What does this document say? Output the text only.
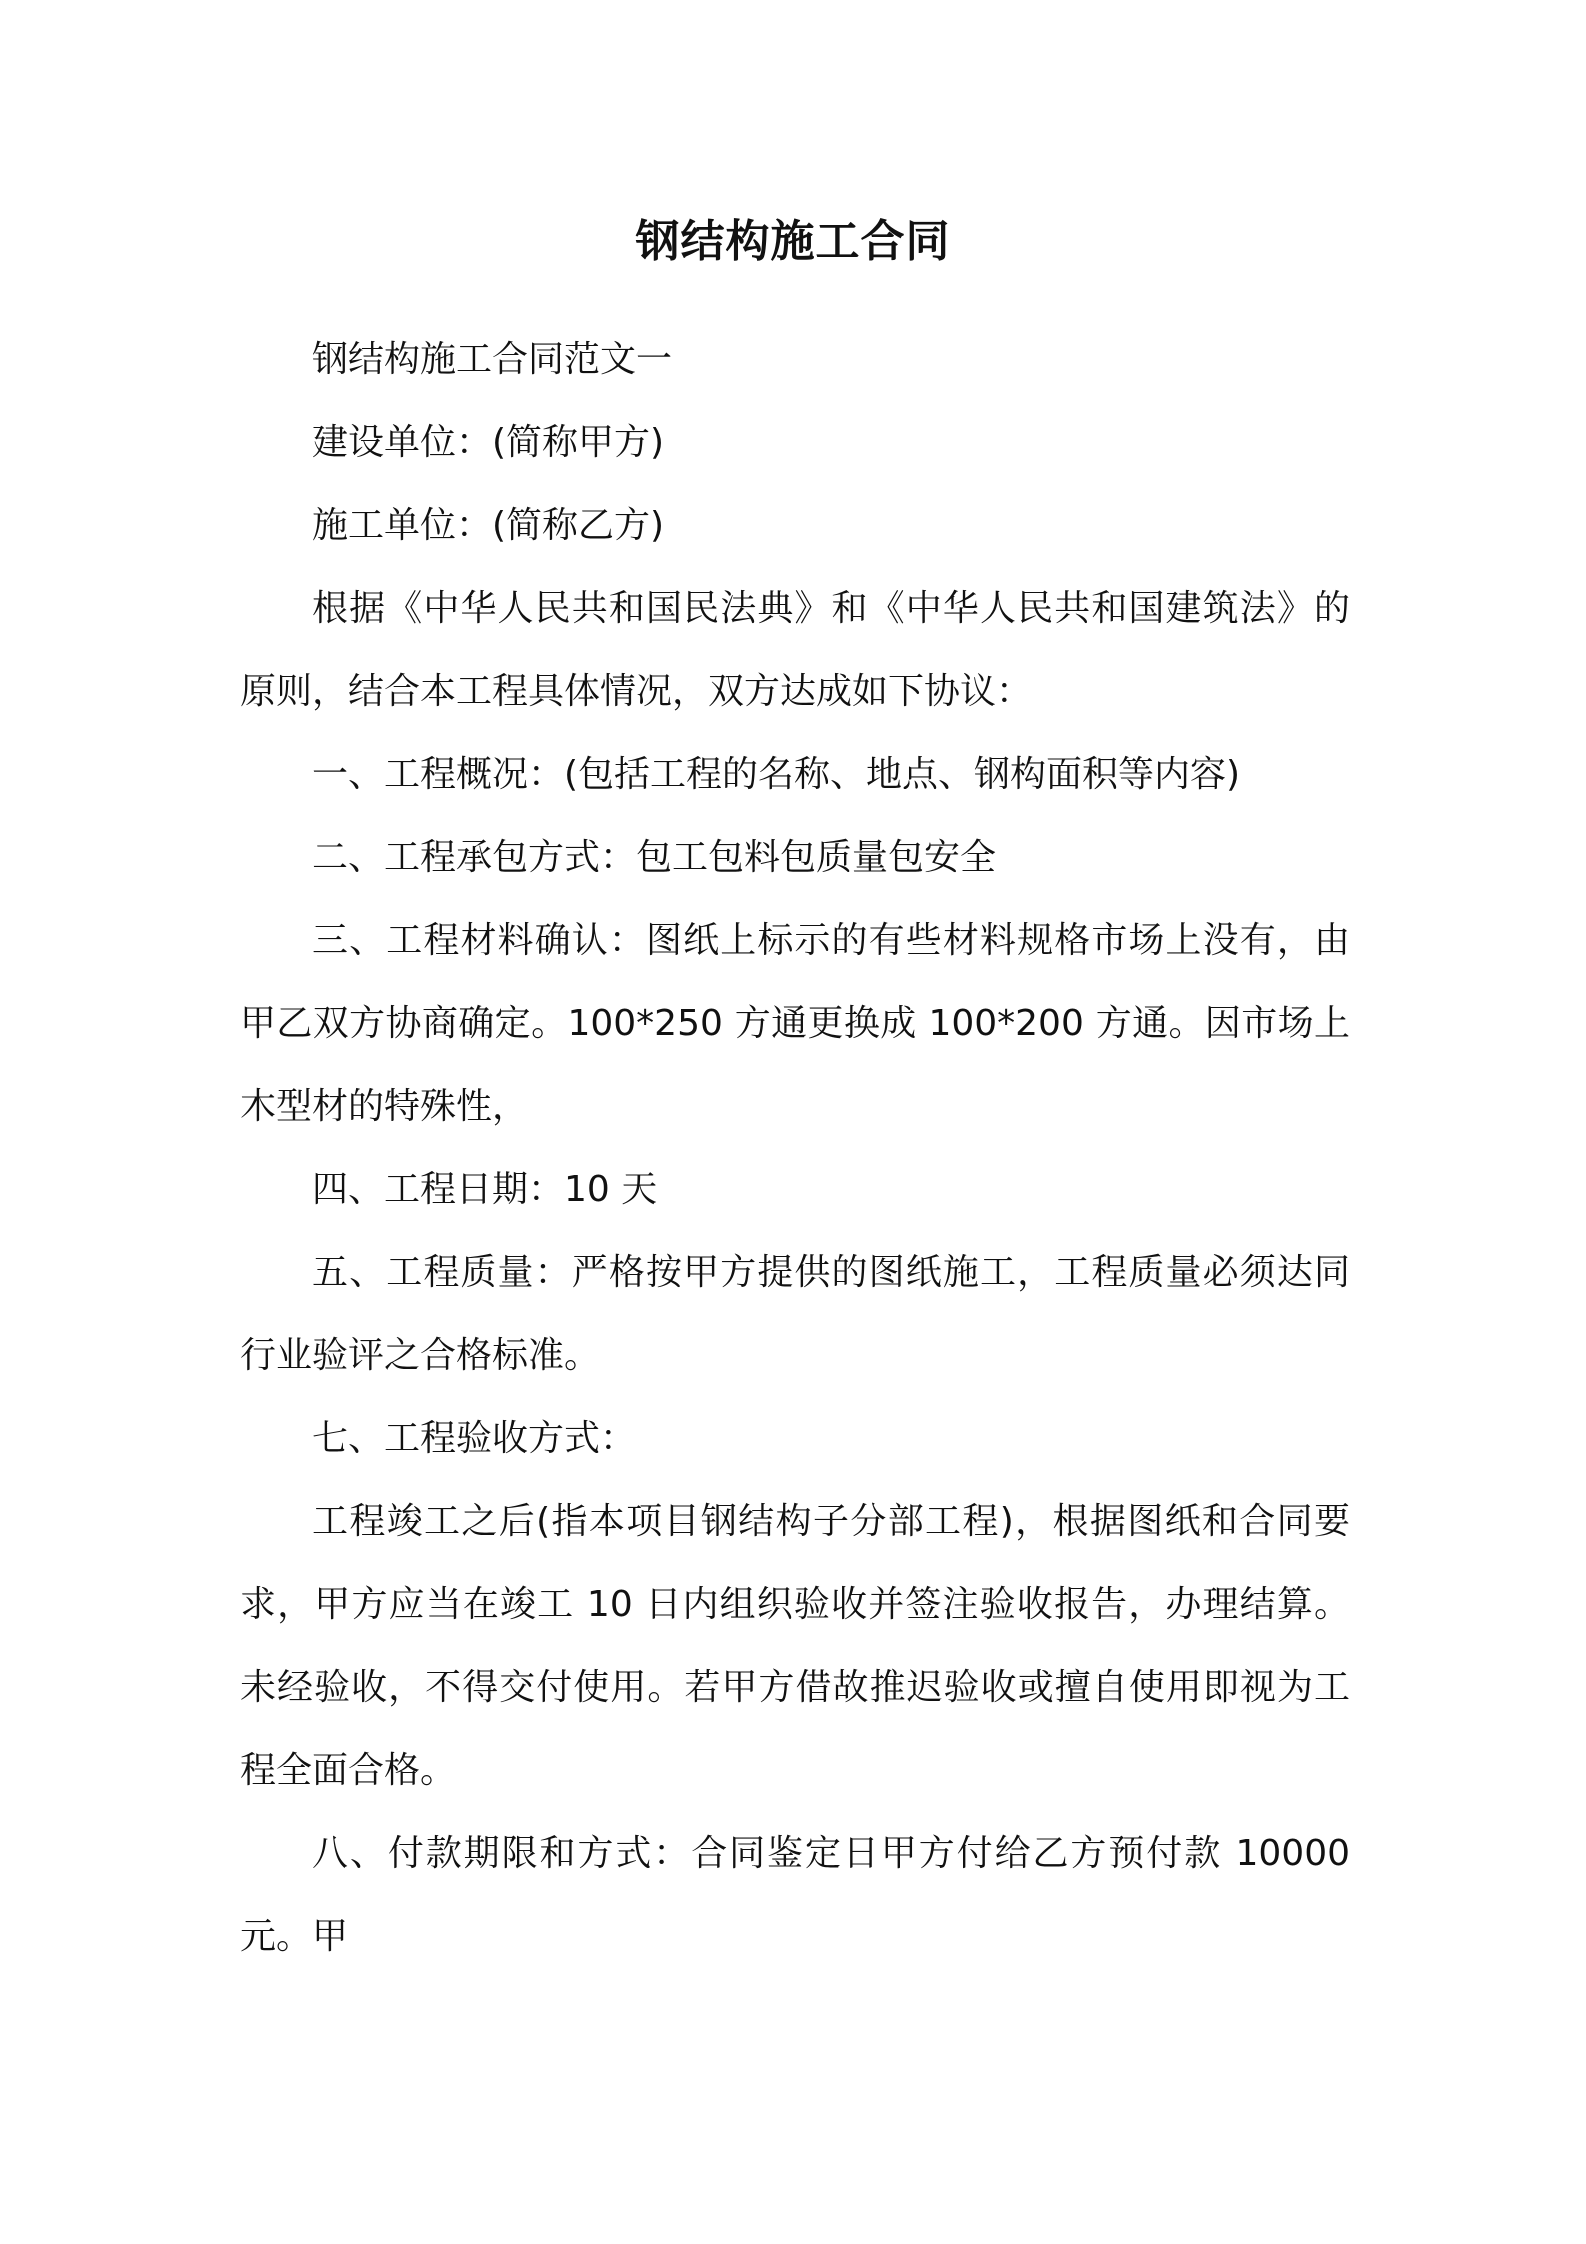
钢结构施工合同

钢结构施工合同范文一

建设单位：(简称甲方)

施工单位：(简称乙方)

根据《中华人民共和国民法典》和《中华人民共和国建筑法》的原则，结合本工程具体情况，双方达成如下协议：

一、工程概况：(包括工程的名称、地点、钢构面积等内容)

二、工程承包方式：包工包料包质量包安全

三、工程材料确认：图纸上标示的有些材料规格市场上没有，由甲乙双方协商确定。100*250 方通更换成 100*200 方通。因市场上木型材的特殊性，

四、工程日期：10 天

五、工程质量：严格按甲方提供的图纸施工，工程质量必须达同行业验评之合格标准。

七、工程验收方式：

工程竣工之后(指本项目钢结构子分部工程)，根据图纸和合同要求，甲方应当在竣工 10 日内组织验收并签注验收报告，办理结算。未经验收，不得交付使用。若甲方借故推迟验收或擅自使用即视为工程全面合格。

八、付款期限和方式：合同鉴定日甲方付给乙方预付款 10000 元。甲
